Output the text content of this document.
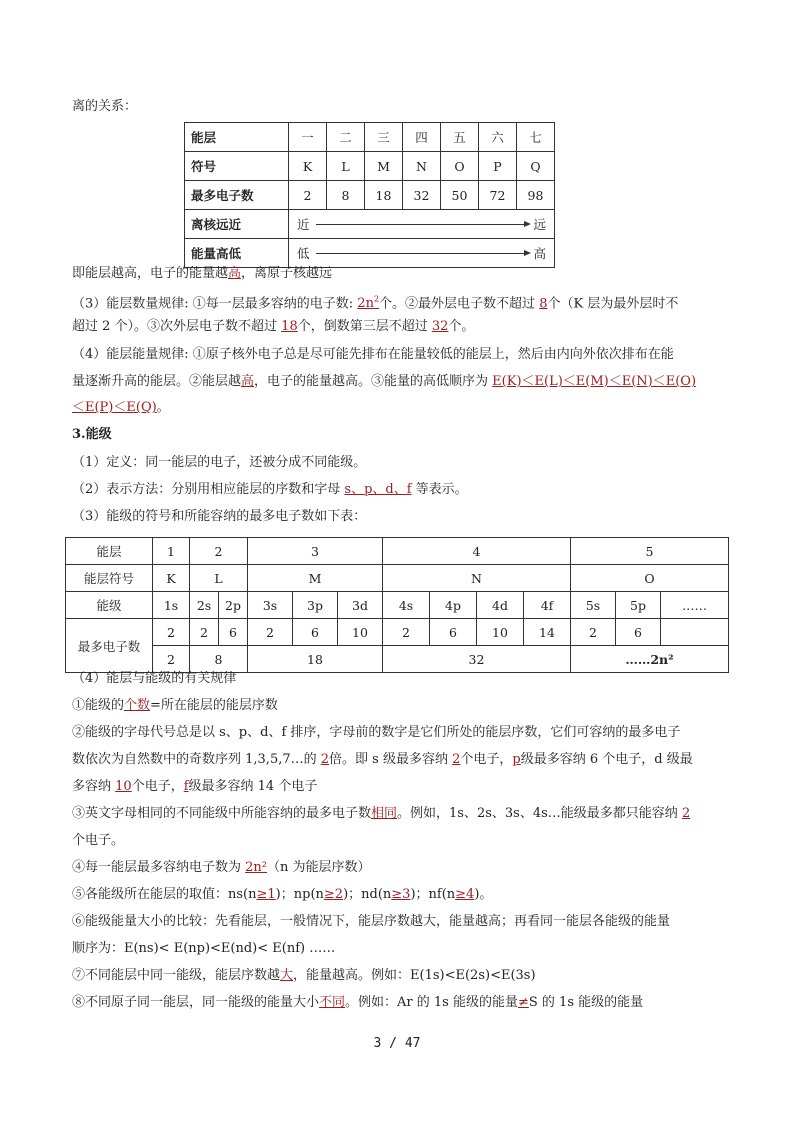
离的关系：
能层	一	二	三	四	五	六	七
符号	K	L	M	N	O	P	Q
最多电子数	2	8	18	32	50	72	98
离核远近	近 远						

能量高低	低 高						
即能层越高，电子的能量越高，离原子核越远
（3）能层数量规律: ①每一层最多容纳的电子数: $2n^2$个。②最外层电子数不超过 8个（K 层为最外层时不
超过 2 个）。③次外层电子数不超过 18个，倒数第三层不超过 32个。
（4）能层能量规律: ①原子核外电子总是尽可能先排布在能量较低的能层上，然后由内向外依次排布在能
量逐渐升高的能层。②能层越高，电子的能量越高。③能量的高低顺序为 E(K)＜E(L)＜E(M)＜E(N)＜E(O)
＜E(P)＜E(Q)。
3.能级
（1）定义：同一能层的电子，还被分成不同能级。
（2）表示方法：分别用相应能层的序数和字母 s、p、d、f 等表示。
（3）能级的符号和所能容纳的最多电子数如下表：
能层	1	2		3			4				5		
能层符号	K	L		M			N				O		
能级	1s	2s	2p	3s	3p	3d	4s	4p	4d	4f	5s	5p	……
最多电子数	2	2	6	2	6	10	2	6	10	14	2	6	
	2	8		18			32				……2n²		
（4）能层与能级的有关规律
①能级的个数=所在能层的能层序数
②能级的字母代号总是以 s、p、d、f 排序，字母前的数字是它们所处的能层序数，它们可容纳的最多电子
数依次为自然数中的奇数序列 1,3,5,7…的 2倍。即 s 级最多容纳 2个电子，p级最多容纳 6 个电子，d 级最
多容纳 10个电子，f级最多容纳 14 个电子
③英文字母相同的不同能级中所能容纳的最多电子数相同。例如，1s、2s、3s、4s…能级最多都只能容纳 2
个电子。
④每一能层最多容纳电子数为 2n²（n 为能层序数）
⑤各能级所在能层的取值：ns(n≥1)；np(n≥2)；nd(n≥3)；nf(n≥4)。
⑥能级能量大小的比较：先看能层，一般情况下，能层序数越大，能量越高；再看同一能层各能级的能量
顺序为：E(ns)< E(np)<E(nd)< E(nf) ……
⑦不同能层中同一能级，能层序数越大，能量越高。例如：E(1s)<E(2s)<E(3s)
⑧不同原子同一能层，同一能级的能量大小不同。例如：Ar 的 1s 能级的能量≠S 的 1s 能级的能量
3 / 47
